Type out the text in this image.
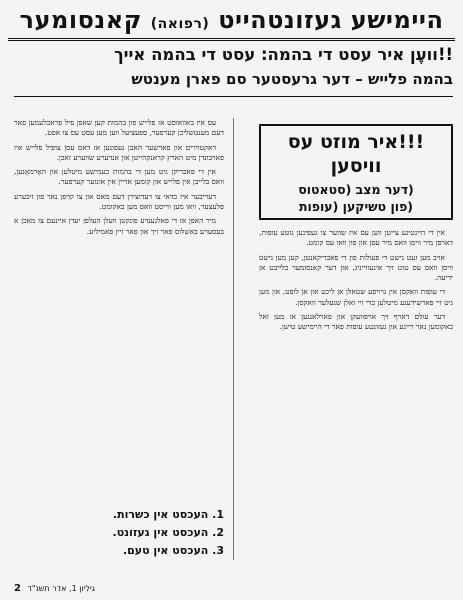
היימישע געזונטהייט (רפואה) קאנסומער
!!וועֶן איר עסט די בהמה: עסט די בהמה אייך
בהמה פלייש – דער גרעסטער סם פארן מענטש
!!!איר מוזט עס וויסען
(דער מצב (סטאטוס
(פון טשיקען (עופות

אין די היינטיגע צייטן ווען עס איז שווער צו געפינען גוטע עופות, דארפן מיר וויסן וואס מיר עסן און פון וואו עס קומט.

אויב מען זעט נישט די פעולות פון די פאבריקאנטן, קען מען נישט וויסן וואס עס טוט זיך אינעווייניג, און דער קאנסומער בלייבט אן ידיעה.

די עופות וואקסן אין גרויסע שטאלן אן ליכט און אן לופט, און מען גיט זיי פארשידענע מיטלען כדי זיי זאלן שנעלער וואקסן.

דער עולם דארף זיך אויפוועקן און פארלאנגען אז מען זאל באקומען נאר ריינע און געזונטע עופות פאר די היימישע טישן.

עס איז באוואוסט אז פלייש פון בהמות קען שאפן פיל פראבלעמען פאר דעם מענטשליכן קערפער, ספעציעל ווען מען עסט עס צו אפט.

דאקטוירים און פארשער האבן געפונען אז דאס עסן צופיל פלייש איז פארבונדן מיט הארץ קראנקהייטן און אנדערע שווערע זאכן.

אין די פאבריקן גיט מען די בהמות כעמישע מיטלען און האָרמאָנען, וואס בלייבן אין פלייש און קומען אריין אין אונזער קערפער.

דעריבער איז כדאי צו רעדוצירן דעם מאס און צו קויפן נאר פון זיכערע פלעצער, וואו מען ווייסט וואס מען באקומט.

מיר האפן אז די פאלגענדע פונקטן וועלן העלפן יעדן איינעם צו מאכן א בעסערע באשלוס פאר זיך און פאר זיין פאמיליע.

1. העכסט אין כשרות.
2. העכסט אין געזונט.
3. העכסט אין טעם.
2 גיליון 1, אדר תשנ"ד
